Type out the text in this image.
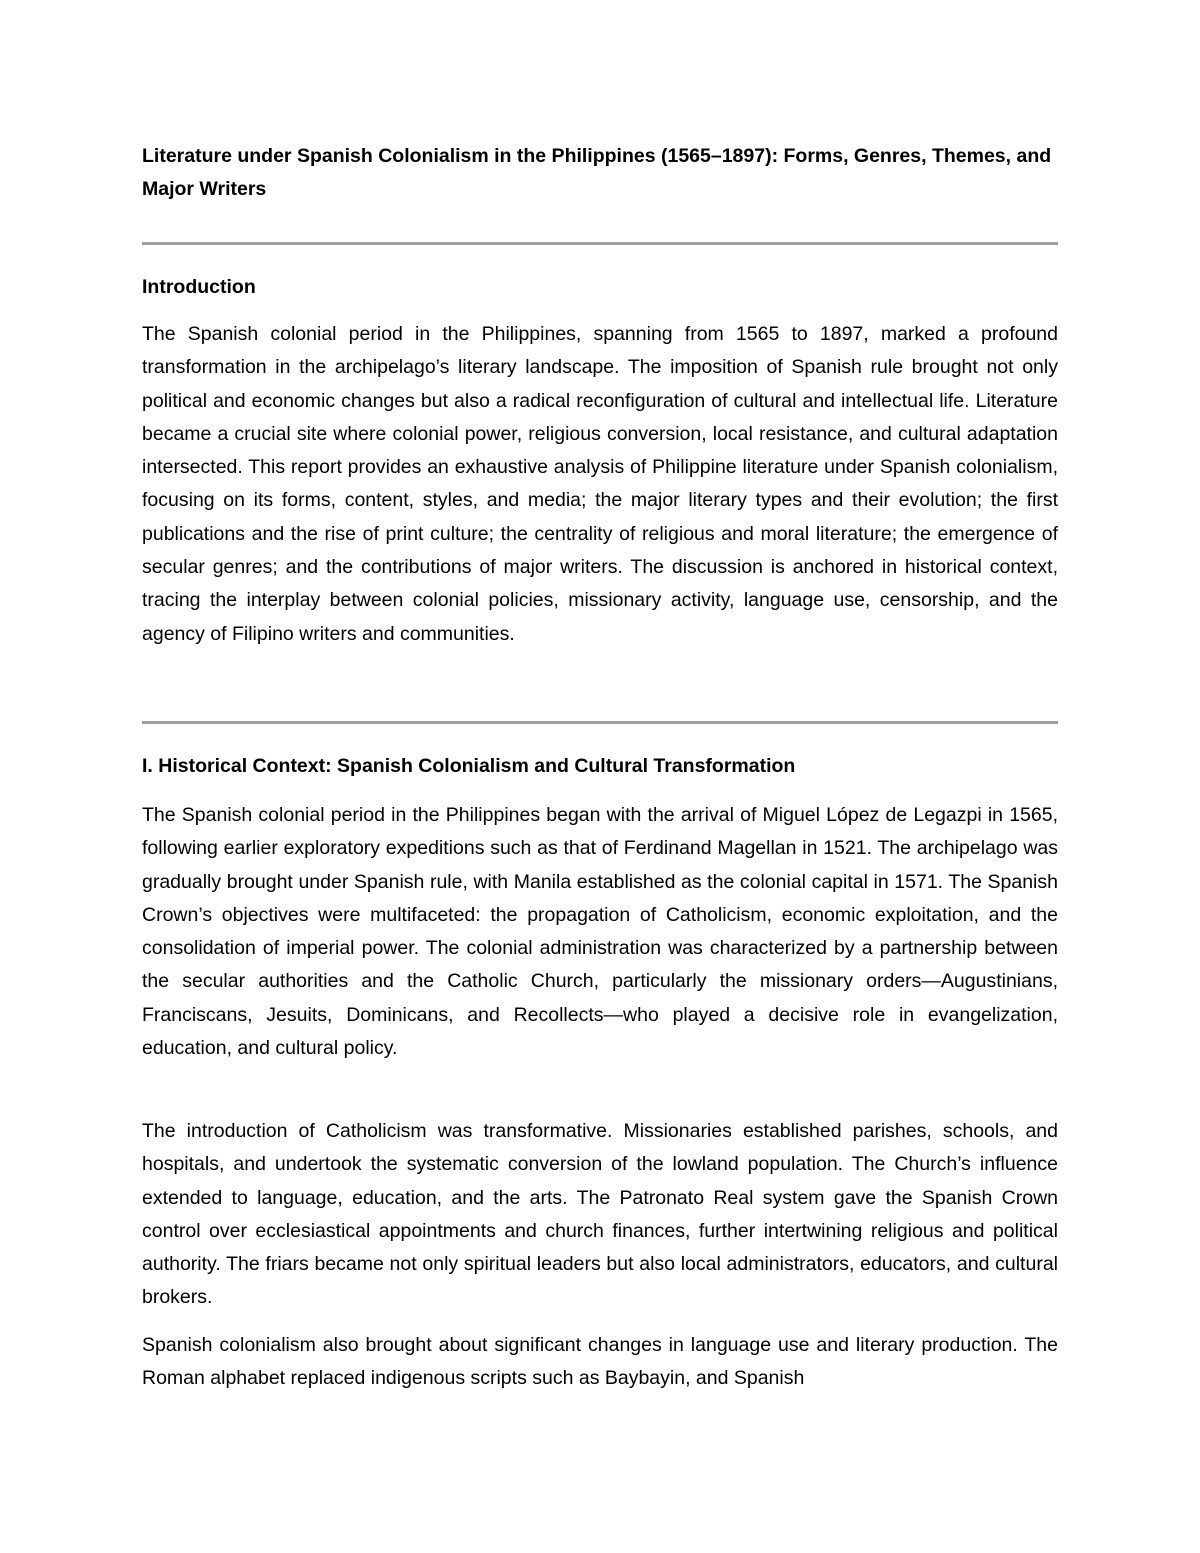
Literature under Spanish Colonialism in the Philippines (1565–1897): Forms, Genres, Themes, and Major Writers
Introduction

The Spanish colonial period in the Philippines, spanning from 1565 to 1897, marked a profound transformation in the archipelago’s literary landscape. The imposition of Spanish rule brought not only political and economic changes but also a radical reconfiguration of cultural and intellectual life. Literature became a crucial site where colonial power, religious conversion, local resistance, and cultural adaptation intersected. This report provides an exhaustive analysis of Philippine literature under Spanish colonialism, focusing on its forms, content, styles, and media; the major literary types and their evolution; the first publications and the rise of print culture; the centrality of religious and moral literature; the emergence of secular genres; and the contributions of major writers. The discussion is anchored in historical context, tracing the interplay between colonial policies, missionary activity, language use, censorship, and the agency of Filipino writers and communities.

I. Historical Context: Spanish Colonialism and Cultural Transformation

The Spanish colonial period in the Philippines began with the arrival of Miguel López de Legazpi in 1565, following earlier exploratory expeditions such as that of Ferdinand Magellan in 1521. The archipelago was gradually brought under Spanish rule, with Manila established as the colonial capital in 1571. The Spanish Crown’s objectives were multifaceted: the propagation of Catholicism, economic exploitation, and the consolidation of imperial power. The colonial administration was characterized by a partnership between the secular authorities and the Catholic Church, particularly the missionary orders—Augustinians, Franciscans, Jesuits, Dominicans, and Recollects—who played a decisive role in evangelization, education, and cultural policy.

The introduction of Catholicism was transformative. Missionaries established parishes, schools, and hospitals, and undertook the systematic conversion of the lowland population. The Church’s influence extended to language, education, and the arts. The Patronato Real system gave the Spanish Crown control over ecclesiastical appointments and church finances, further intertwining religious and political authority. The friars became not only spiritual leaders but also local administrators, educators, and cultural brokers.

Spanish colonialism also brought about significant changes in language use and literary production. The Roman alphabet replaced indigenous scripts such as Baybayin, and Spanish
